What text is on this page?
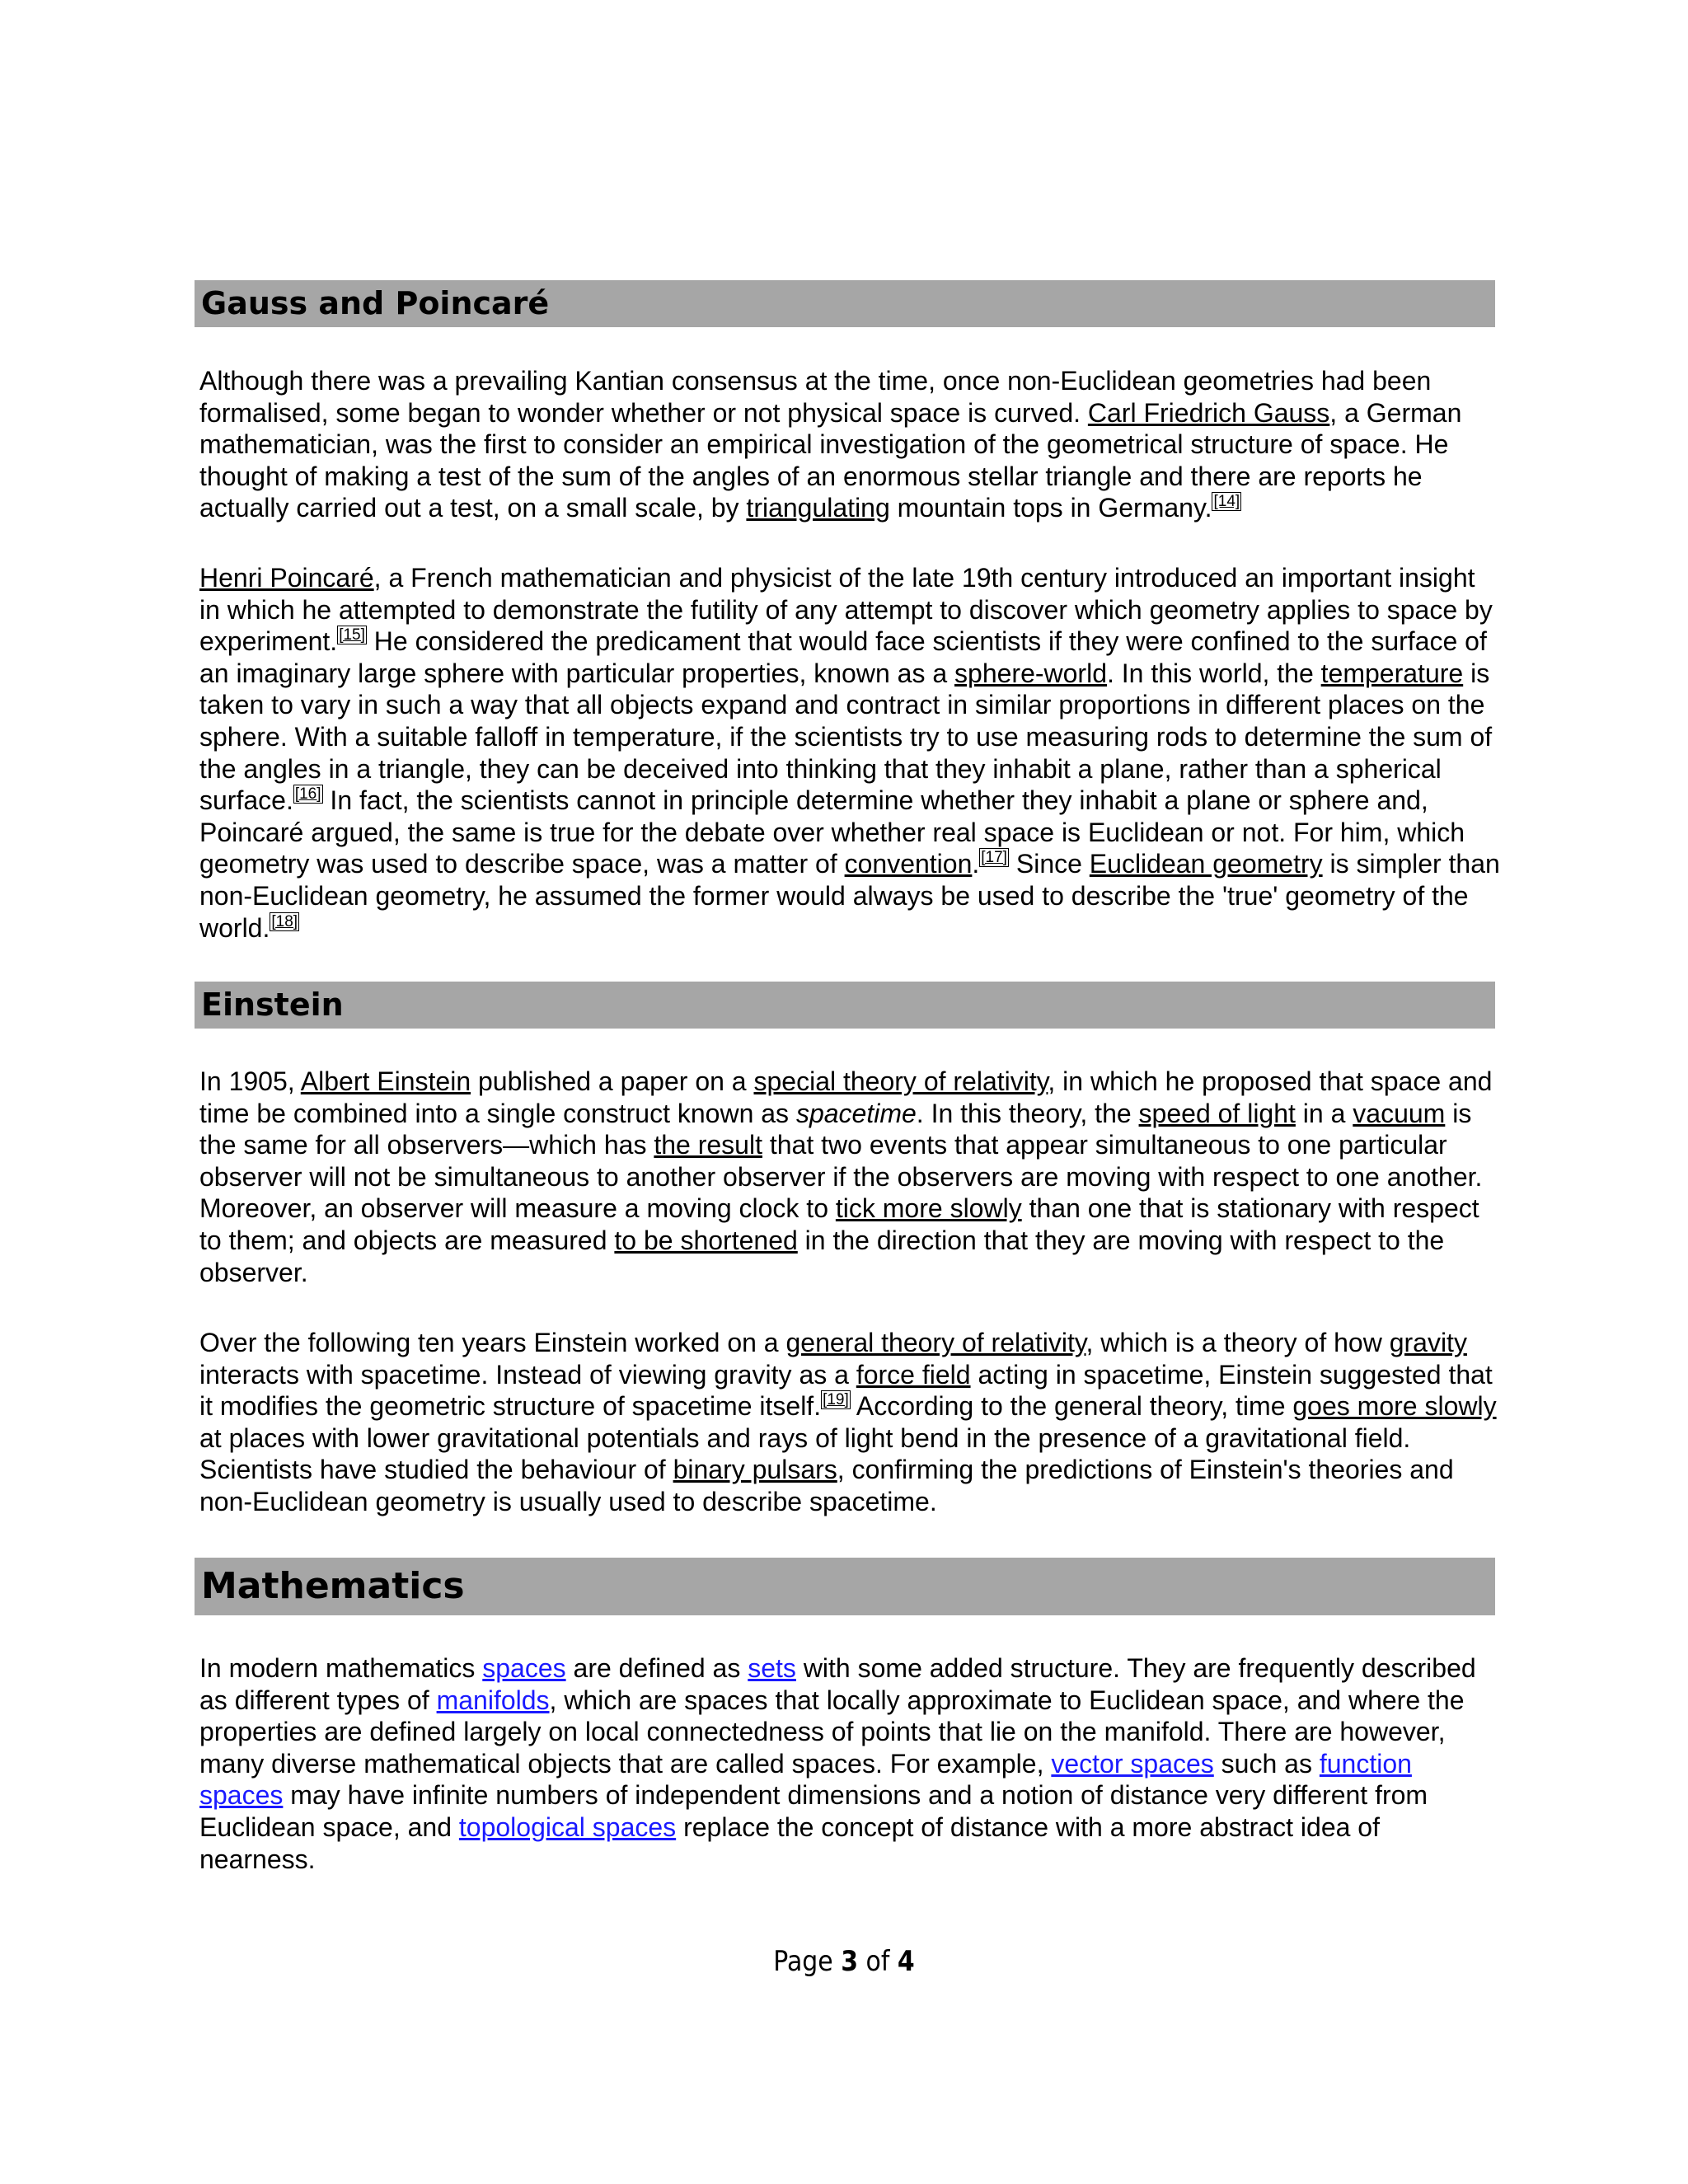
Gauss and Poincaré

Although there was a prevailing Kantian consensus at the time, once non-Euclidean geometries had been formalised, some began to wonder whether or not physical space is curved. Carl Friedrich Gauss, a German mathematician, was the first to consider an empirical investigation of the geometrical structure of space. He thought of making a test of the sum of the angles of an enormous stellar triangle and there are reports he actually carried out a test, on a small scale, by triangulating mountain tops in Germany. [14]

Henri Poincaré, a French mathematician and physicist of the late 19th century introduced an important insight in which he attempted to demonstrate the futility of any attempt to discover which geometry applies to space by experiment. [15] He considered the predicament that would face scientists if they were confined to the surface of an imaginary large sphere with particular properties, known as a sphere-world. In this world, the temperature is taken to vary in such a way that all objects expand and contract in similar proportions in different places on the sphere. With a suitable falloff in temperature, if the scientists try to use measuring rods to determine the sum of the angles in a triangle, they can be deceived into thinking that they inhabit a plane, rather than a spherical surface. [16] In fact, the scientists cannot in principle determine whether they inhabit a plane or sphere and, Poincaré argued, the same is true for the debate over whether real space is Euclidean or not. For him, which geometry was used to describe space, was a matter of convention. [17] Since Euclidean geometry is simpler than non-Euclidean geometry, he assumed the former would always be used to describe the 'true' geometry of the world. [18]

Einstein

In 1905, Albert Einstein published a paper on a special theory of relativity, in which he proposed that space and time be combined into a single construct known as spacetime. In this theory, the speed of light in a vacuum is the same for all observers—which has the result that two events that appear simultaneous to one particular observer will not be simultaneous to another observer if the observers are moving with respect to one another. Moreover, an observer will measure a moving clock to tick more slowly than one that is stationary with respect to them; and objects are measured to be shortened in the direction that they are moving with respect to the observer.

Over the following ten years Einstein worked on a general theory of relativity, which is a theory of how gravity interacts with spacetime. Instead of viewing gravity as a force field acting in spacetime, Einstein suggested that it modifies the geometric structure of spacetime itself. [19] According to the general theory, time goes more slowly at places with lower gravitational potentials and rays of light bend in the presence of a gravitational field. Scientists have studied the behaviour of binary pulsars, confirming the predictions of Einstein's theories and non-Euclidean geometry is usually used to describe spacetime.

Mathematics

In modern mathematics spaces are defined as sets with some added structure. They are frequently described as different types of manifolds, which are spaces that locally approximate to Euclidean space, and where the properties are defined largely on local connectedness of points that lie on the manifold. There are however, many diverse mathematical objects that are called spaces. For example, vector spaces such as function spaces may have infinite numbers of independent dimensions and a notion of distance very different from Euclidean space, and topological spaces replace the concept of distance with a more abstract idea of nearness.

Page 3 of 4
